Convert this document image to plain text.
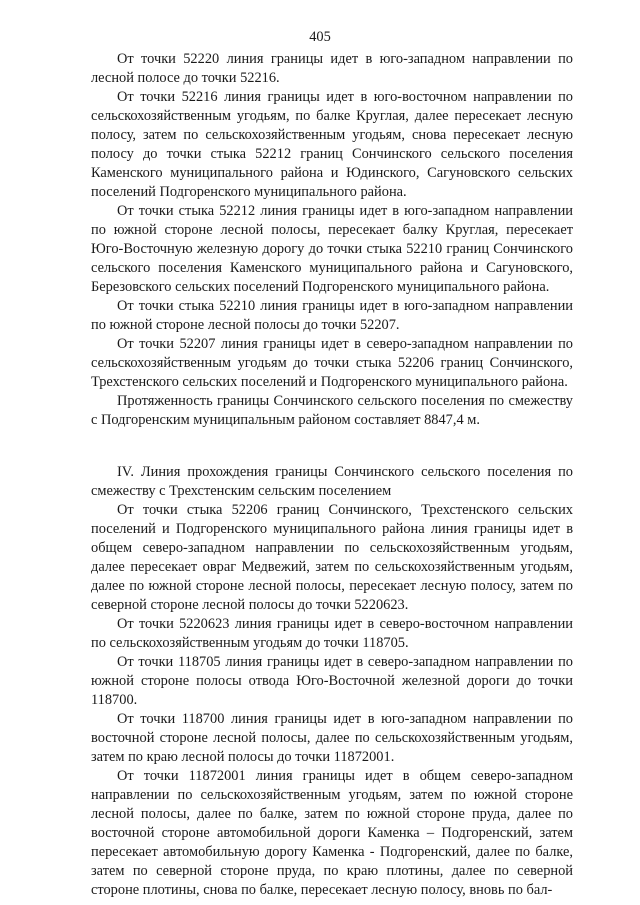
405

От точки 52220 линия границы идет в юго-западном направлении по лесной полосе до точки 52216.

От точки 52216 линия границы идет в юго-восточном направлении по сельскохозяйственным угодьям, по балке Круглая, далее пересекает лесную полосу, затем по сельскохозяйственным угодьям, снова пересекает лесную полосу до точки стыка 52212 границ Сончинского сельского поселения Каменского муниципального района и Юдинского, Сагуновского сельских поселений Подгоренского муниципального района.

От точки стыка 52212 линия границы идет в юго-западном направлении по южной стороне лесной полосы, пересекает балку Круглая, пересекает Юго-Восточную железную дорогу до точки стыка 52210 границ Сончинского сельского поселения Каменского муниципального района и Сагуновского, Березовского сельских поселений Подгоренского муниципального района.

От точки стыка 52210 линия границы идет в юго-западном направлении по южной стороне лесной полосы до точки 52207.

От точки 52207 линия границы идет в северо-западном направлении по сельскохозяйственным угодьям до точки стыка 52206 границ Сончинского, Трехстенского сельских поселений и Подгоренского муниципального района.

Протяженность границы Сончинского сельского поселения по смежеству с Подгоренским муниципальным районом составляет 8847,4 м.

IV. Линия прохождения границы Сончинского сельского поселения по смежеству с Трехстенским сельским поселением

От точки стыка 52206 границ Сончинского, Трехстенского сельских поселений и Подгоренского муниципального района линия границы идет в общем северо-западном направлении по сельскохозяйственным угодьям, далее пересекает овраг Медвежий, затем по сельскохозяйственным угодьям, далее по южной стороне лесной полосы, пересекает лесную полосу, затем по северной стороне лесной полосы до точки 5220623.

От точки 5220623 линия границы идет в северо-восточном направлении по сельскохозяйственным угодьям до точки 118705.

От точки 118705 линия границы идет в северо-западном направлении по южной стороне полосы отвода Юго-Восточной железной дороги до точки 118700.

От точки 118700 линия границы идет в юго-западном направлении по восточной стороне лесной полосы, далее по сельскохозяйственным угодьям, затем по краю лесной полосы до точки 11872001.

От точки 11872001 линия границы идет в общем северо-западном направлении по сельскохозяйственным угодьям, затем по южной стороне лесной полосы, далее по балке, затем по южной стороне пруда, далее по восточной стороне автомобильной дороги Каменка – Подгоренский, затем пересекает автомобильную дорогу Каменка - Подгоренский, далее по балке, затем по северной стороне пруда, по краю плотины, далее по северной стороне плотины, снова по балке, пересекает лесную полосу, вновь по бал-
